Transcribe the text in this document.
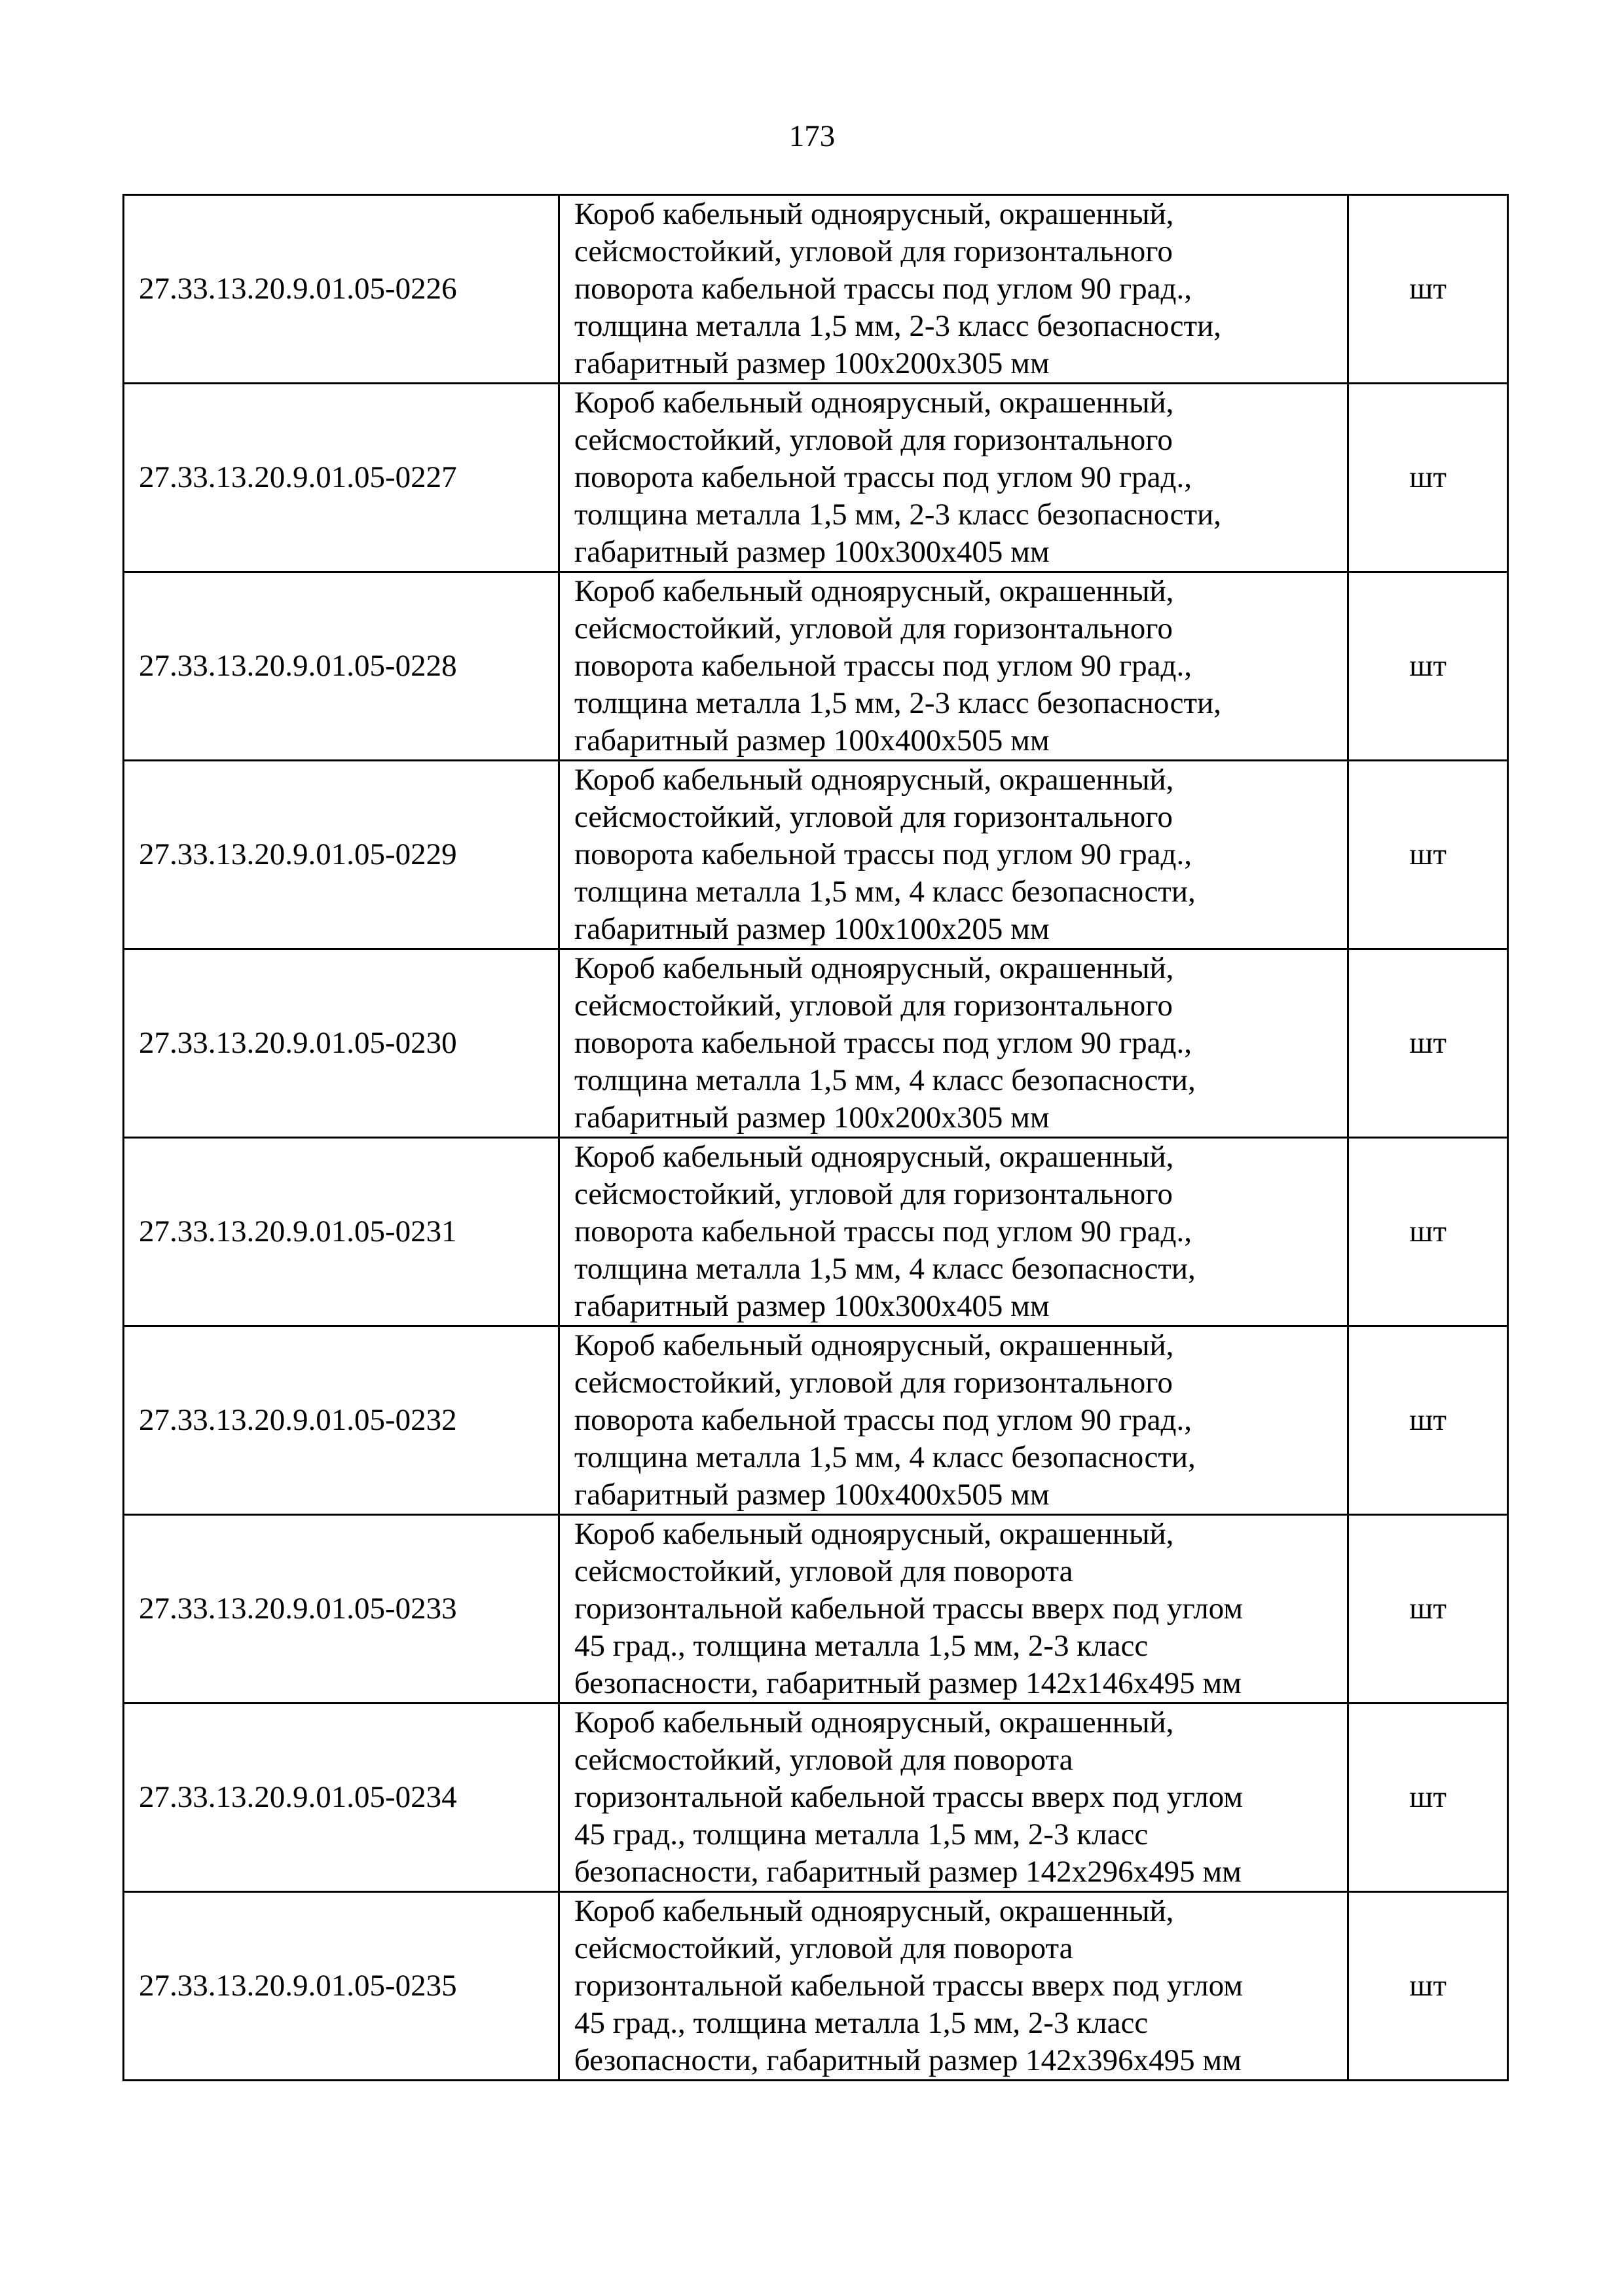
173
27.33.13.20.9.01.05-0226	Короб кабельный одноярусный, окрашенный,
сейсмостойкий, угловой для горизонтального
поворота кабельной трассы под углом 90 град.,
толщина металла 1,5 мм, 2-3 класс безопасности,
габаритный размер 100х200х305 мм	шт
27.33.13.20.9.01.05-0227	Короб кабельный одноярусный, окрашенный,
сейсмостойкий, угловой для горизонтального
поворота кабельной трассы под углом 90 град.,
толщина металла 1,5 мм, 2-3 класс безопасности,
габаритный размер 100х300х405 мм	шт
27.33.13.20.9.01.05-0228	Короб кабельный одноярусный, окрашенный,
сейсмостойкий, угловой для горизонтального
поворота кабельной трассы под углом 90 град.,
толщина металла 1,5 мм, 2-3 класс безопасности,
габаритный размер 100х400х505 мм	шт
27.33.13.20.9.01.05-0229	Короб кабельный одноярусный, окрашенный,
сейсмостойкий, угловой для горизонтального
поворота кабельной трассы под углом 90 град.,
толщина металла 1,5 мм, 4 класс безопасности,
габаритный размер 100х100х205 мм	шт
27.33.13.20.9.01.05-0230	Короб кабельный одноярусный, окрашенный,
сейсмостойкий, угловой для горизонтального
поворота кабельной трассы под углом 90 град.,
толщина металла 1,5 мм, 4 класс безопасности,
габаритный размер 100х200х305 мм	шт
27.33.13.20.9.01.05-0231	Короб кабельный одноярусный, окрашенный,
сейсмостойкий, угловой для горизонтального
поворота кабельной трассы под углом 90 град.,
толщина металла 1,5 мм, 4 класс безопасности,
габаритный размер 100х300х405 мм	шт
27.33.13.20.9.01.05-0232	Короб кабельный одноярусный, окрашенный,
сейсмостойкий, угловой для горизонтального
поворота кабельной трассы под углом 90 град.,
толщина металла 1,5 мм, 4 класс безопасности,
габаритный размер 100х400х505 мм	шт
27.33.13.20.9.01.05-0233	Короб кабельный одноярусный, окрашенный,
сейсмостойкий, угловой для поворота
горизонтальной кабельной трассы вверх под углом
45 град., толщина металла 1,5 мм, 2-3 класс
безопасности, габаритный размер 142х146х495 мм	шт
27.33.13.20.9.01.05-0234	Короб кабельный одноярусный, окрашенный,
сейсмостойкий, угловой для поворота
горизонтальной кабельной трассы вверх под углом
45 град., толщина металла 1,5 мм, 2-3 класс
безопасности, габаритный размер 142х296х495 мм	шт
27.33.13.20.9.01.05-0235	Короб кабельный одноярусный, окрашенный,
сейсмостойкий, угловой для поворота
горизонтальной кабельной трассы вверх под углом
45 град., толщина металла 1,5 мм, 2-3 класс
безопасности, габаритный размер 142х396х495 мм	шт
